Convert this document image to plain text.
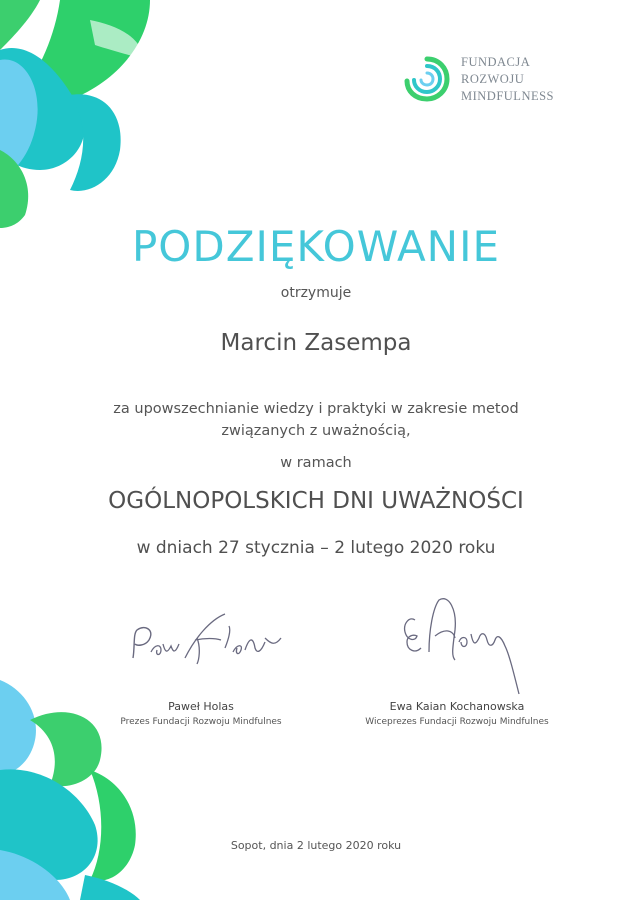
FUNDACJA
ROZWOJU
MINDFULNESS
PODZIĘKOWANIE
otrzymuje
Marcin Zasempa
za upowszechnianie wiedzy i praktyki w zakresie metod
związanych z uważnością,
w ramach
OGÓLNOPOLSKICH DNI UWAŻNOŚCI
w dniach 27 stycznia – 2 lutego 2020 roku
Paweł Holas
Prezes Fundacji Rozwoju Mindfulnes
Ewa Kaian Kochanowska
Wiceprezes Fundacji Rozwoju Mindfulnes
Sopot, dnia 2 lutego 2020 roku
